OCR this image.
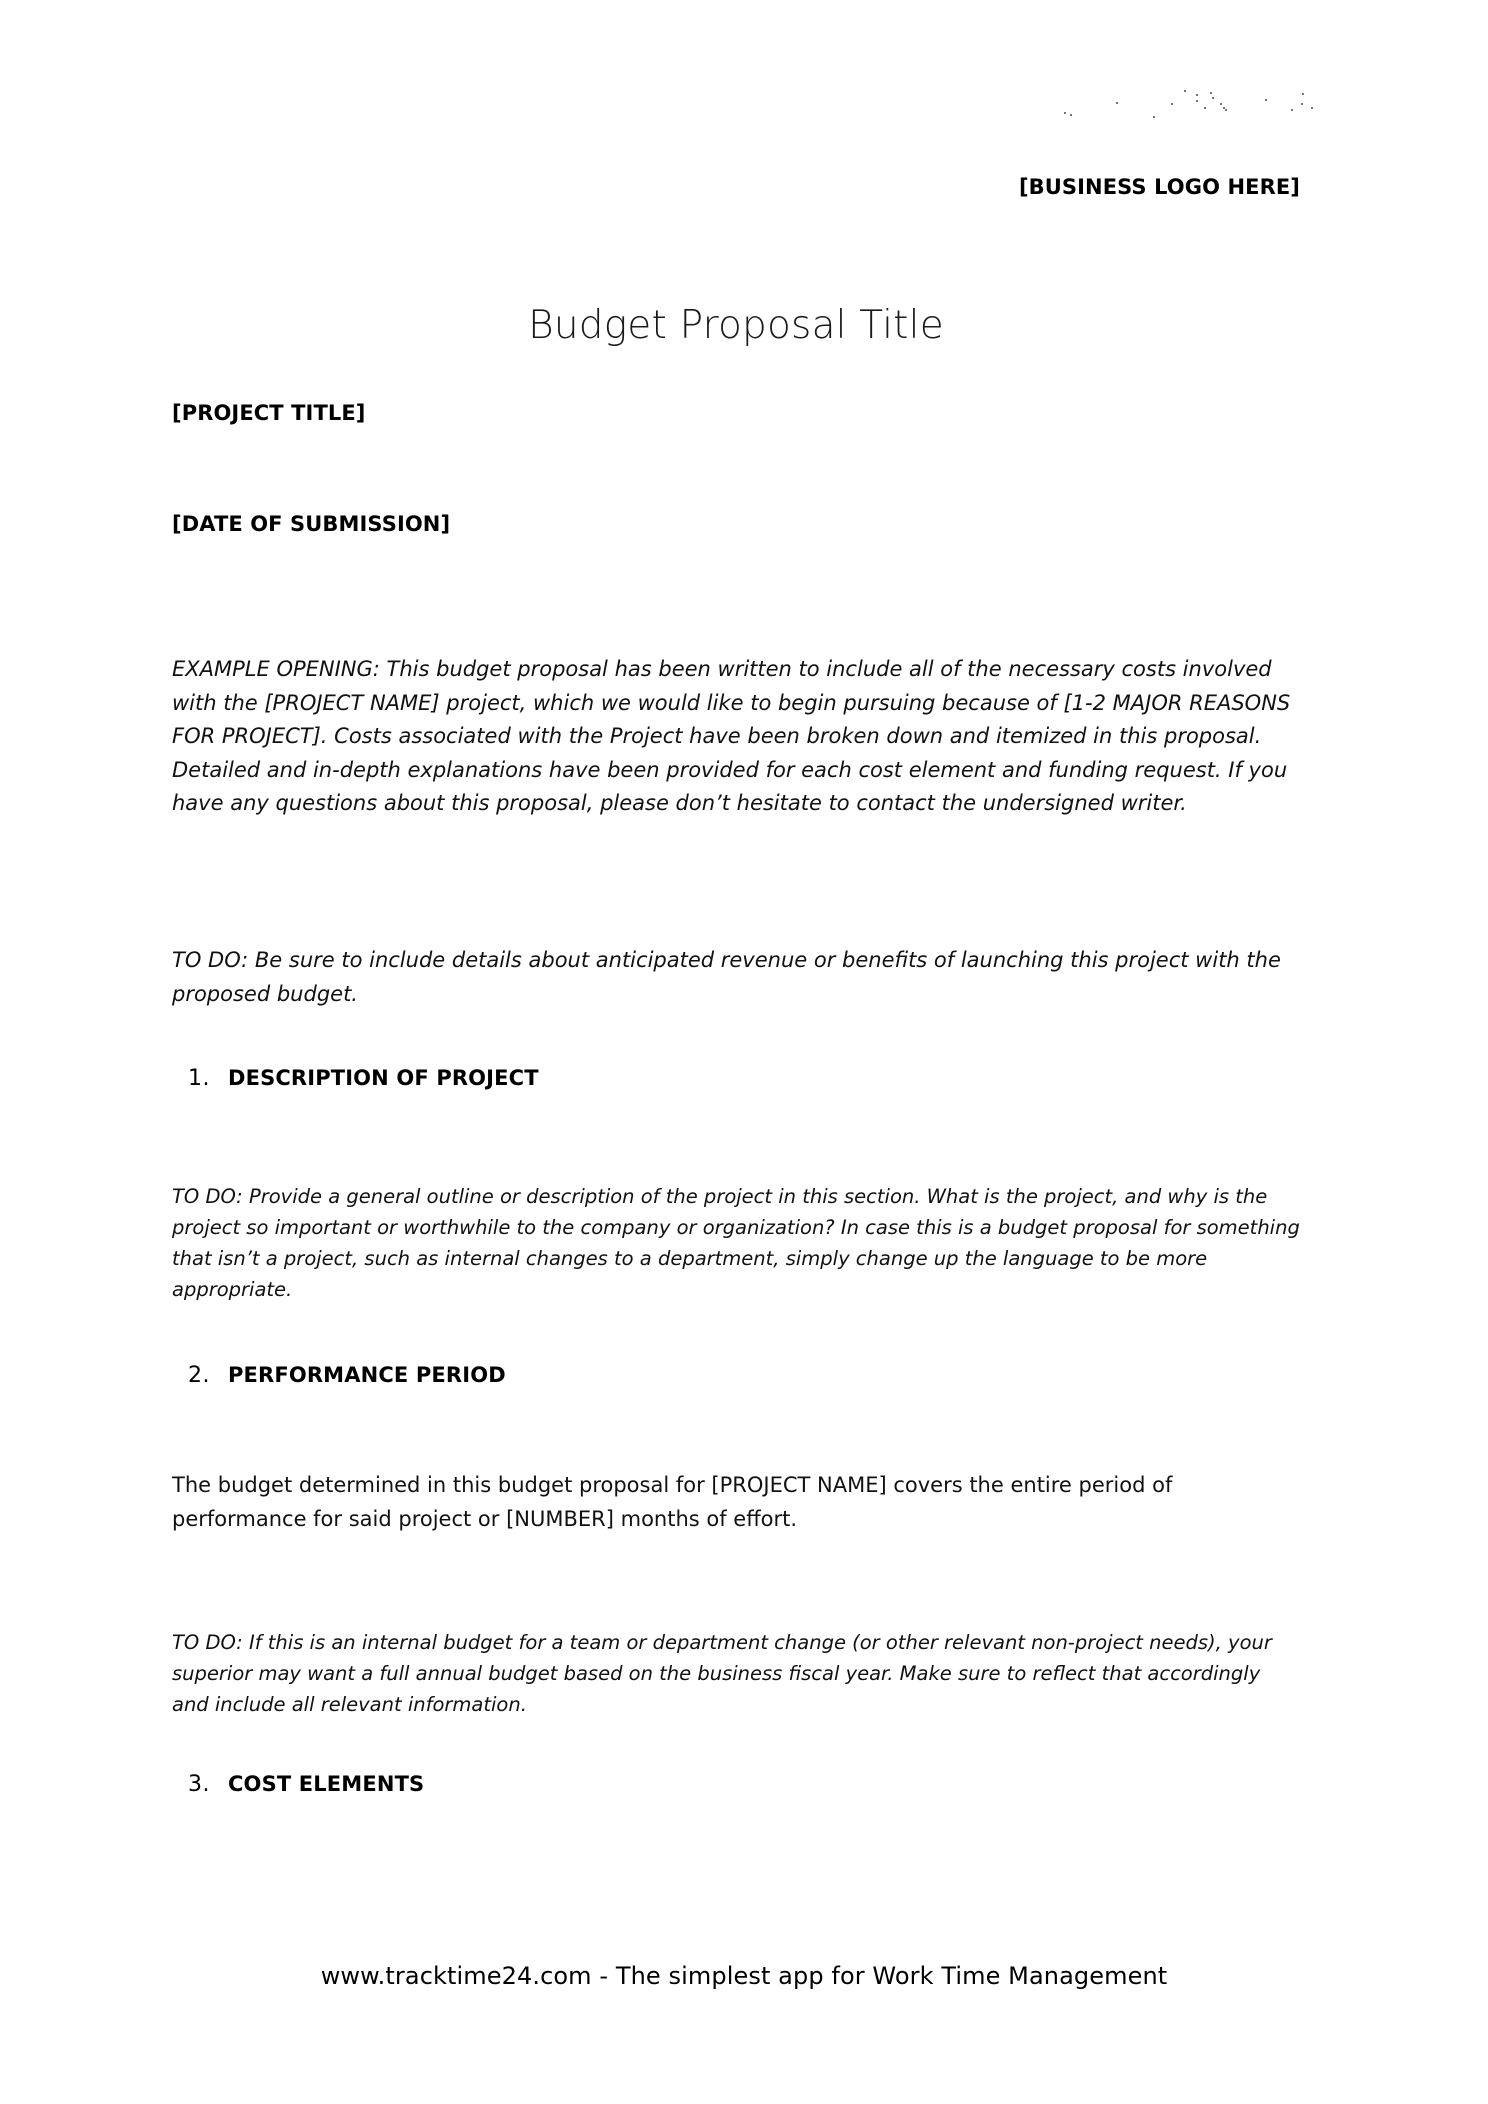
[BUSINESS LOGO HERE]
Budget Proposal Title
[PROJECT TITLE]
[DATE OF SUBMISSION]

EXAMPLE OPENING: This budget proposal has been written to include all of the necessary costs involved with the [PROJECT NAME] project, which we would like to begin pursuing because of [1-2 MAJOR REASONS FOR PROJECT]. Costs associated with the Project have been broken down and itemized in this proposal. Detailed and in-depth explanations have been provided for each cost element and funding request. If you have any questions about this proposal, please don’t hesitate to contact the undersigned writer.

TO DO: Be sure to include details about anticipated revenue or benefits of launching this project with the proposed budget.

1. DESCRIPTION OF PROJECT

TO DO: Provide a general outline or description of the project in this section. What is the project, and why is the project so important or worthwhile to the company or organization? In case this is a budget proposal for something that isn’t a project, such as internal changes to a department, simply change up the language to be more appropriate.

2. PERFORMANCE PERIOD

The budget determined in this budget proposal for [PROJECT NAME] covers the entire period of performance for said project or [NUMBER] months of effort.

TO DO: If this is an internal budget for a team or department change (or other relevant non-project needs), your superior may want a full annual budget based on the business fiscal year. Make sure to reflect that accordingly and include all relevant information.

3. COST ELEMENTS
www.tracktime24.com - The simplest app for Work Time Management
